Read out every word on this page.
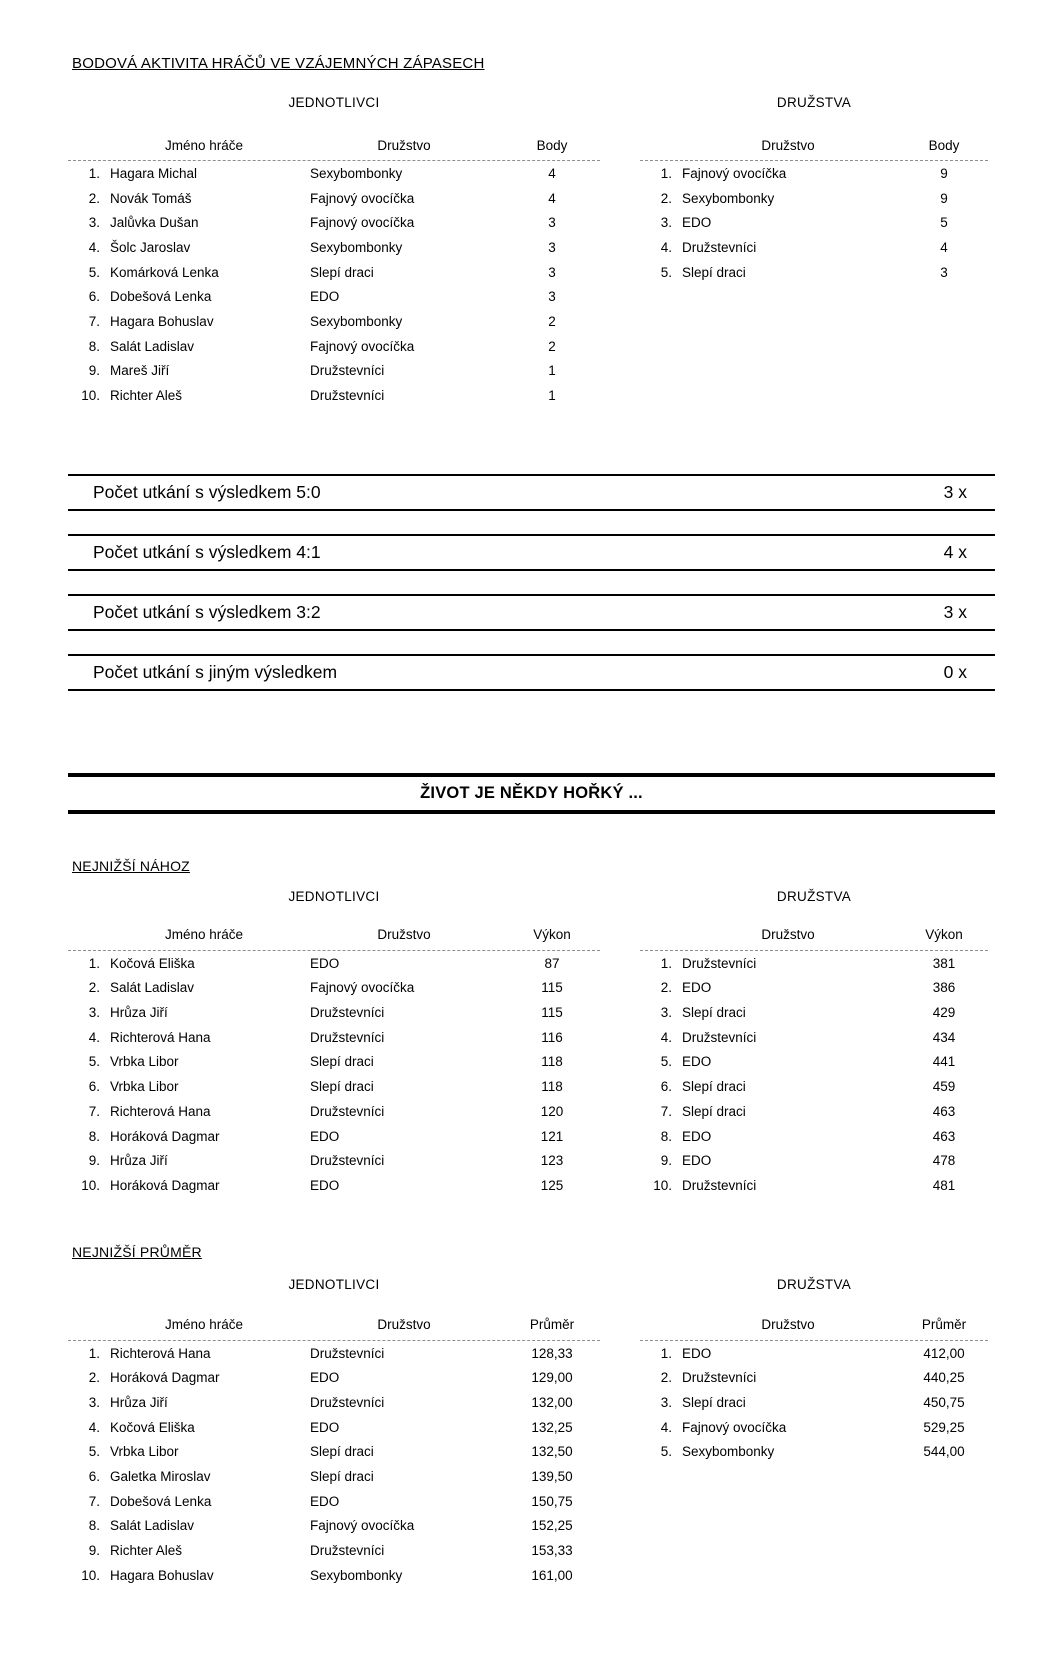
BODOVÁ AKTIVITA HRÁČŮ VE VZÁJEMNÝCH ZÁPASECH
JEDNOTLIVCI
Jméno hráče	Družstvo	Body
1. Hagara Michal	Sexybombonky	4
2. Novák Tomáš	Fajnový ovocíčka	4
3. Jalůvka Dušan	Fajnový ovocíčka	3
4. Šolc Jaroslav	Sexybombonky	3
5. Komárková Lenka	Slepí draci	3
6. Dobešová Lenka	EDO	3
7. Hagara Bohuslav	Sexybombonky	2
8. Salát Ladislav	Fajnový ovocíčka	2
9. Mareš Jiří	Družstevníci	1
10. Richter Aleš	Družstevníci	1
DRUŽSTVA
Družstvo	Body
1. Fajnový ovocíčka	9
2. Sexybombonky	9
3. EDO	5
4. Družstevníci	4
5. Slepí draci	3
Počet utkání s výsledkem 5:0	3 x
Počet utkání s výsledkem 4:1	4 x
Počet utkání s výsledkem 3:2	3 x
Počet utkání s jiným výsledkem	0 x
ŽIVOT JE NĚKDY HOŘKÝ ...
NEJNIŽŠÍ NÁHOZ
JEDNOTLIVCI
Jméno hráče	Družstvo	Výkon
1. Kočová Eliška	EDO	87
2. Salát Ladislav	Fajnový ovocíčka	115
3. Hrůza Jiří	Družstevníci	115
4. Richterová Hana	Družstevníci	116
5. Vrbka Libor	Slepí draci	118
6. Vrbka Libor	Slepí draci	118
7. Richterová Hana	Družstevníci	120
8. Horáková Dagmar	EDO	121
9. Hrůza Jiří	Družstevníci	123
10. Horáková Dagmar	EDO	125
DRUŽSTVA
Družstvo	Výkon
1. Družstevníci	381
2. EDO	386
3. Slepí draci	429
4. Družstevníci	434
5. EDO	441
6. Slepí draci	459
7. Slepí draci	463
8. EDO	463
9. EDO	478
10. Družstevníci	481
NEJNIŽŠÍ PRŮMĚR
JEDNOTLIVCI
Jméno hráče	Družstvo	Průměr
1. Richterová Hana	Družstevníci	128,33
2. Horáková Dagmar	EDO	129,00
3. Hrůza Jiří	Družstevníci	132,00
4. Kočová Eliška	EDO	132,25
5. Vrbka Libor	Slepí draci	132,50
6. Galetka Miroslav	Slepí draci	139,50
7. Dobešová Lenka	EDO	150,75
8. Salát Ladislav	Fajnový ovocíčka	152,25
9. Richter Aleš	Družstevníci	153,33
10. Hagara Bohuslav	Sexybombonky	161,00
DRUŽSTVA
Družstvo	Průměr
1. EDO	412,00
2. Družstevníci	440,25
3. Slepí draci	450,75
4. Fajnový ovocíčka	529,25
5. Sexybombonky	544,00
